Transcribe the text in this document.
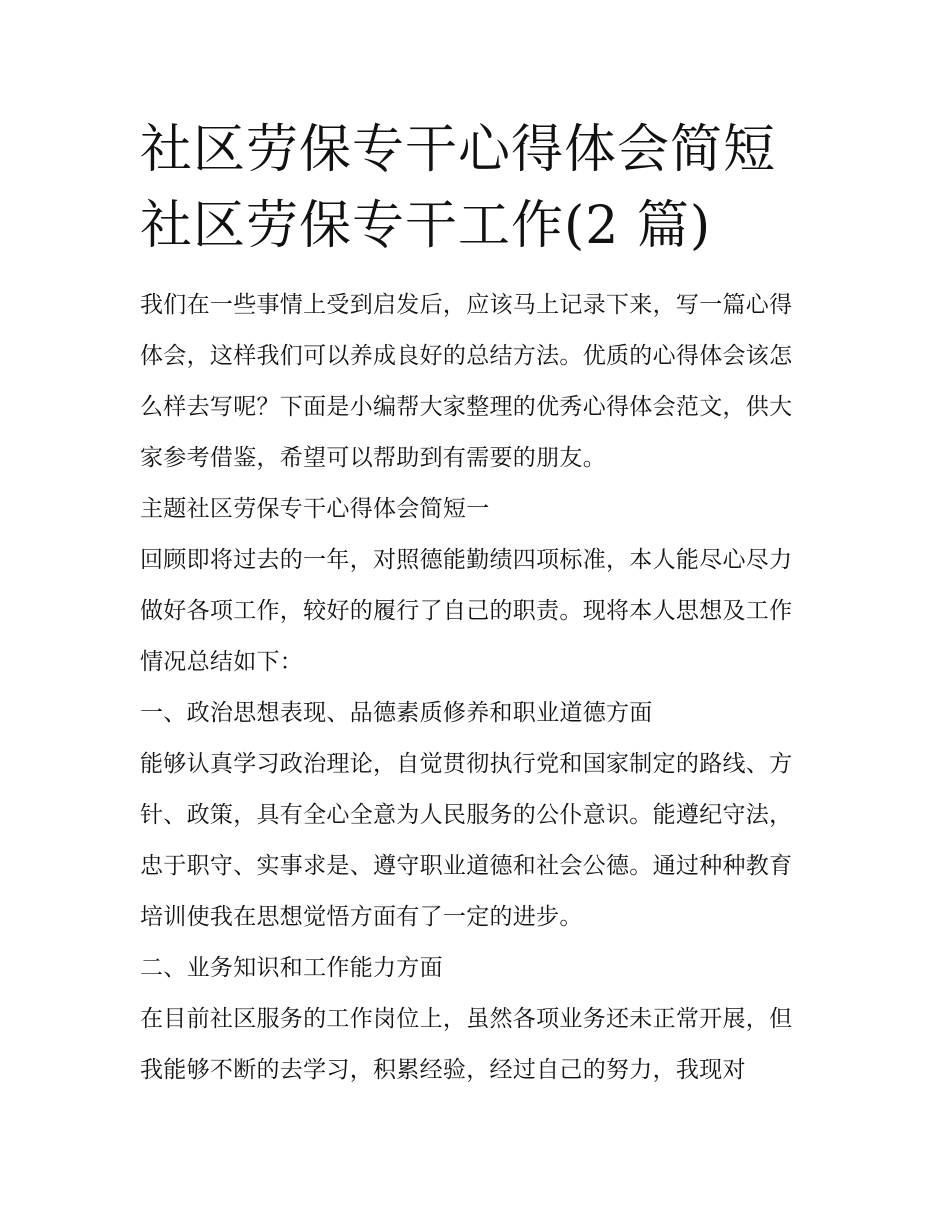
社区劳保专干心得体会简短 社区劳保专干工作(2 篇)

我们在一些事情上受到启发后，应该马上记录下来，写一篇心得体会，这样我们可以养成良好的总结方法。优质的心得体会该怎么样去写呢？下面是小编帮大家整理的优秀心得体会范文，供大家参考借鉴，希望可以帮助到有需要的朋友。

主题社区劳保专干心得体会简短一

回顾即将过去的一年，对照德能勤绩四项标准，本人能尽心尽力做好各项工作，较好的履行了自己的职责。现将本人思想及工作情况总结如下：

一、政治思想表现、品德素质修养和职业道德方面

能够认真学习政治理论，自觉贯彻执行党和国家制定的路线、方针、政策，具有全心全意为人民服务的公仆意识。能遵纪守法，忠于职守、实事求是、遵守职业道德和社会公德。通过种种教育培训使我在思想觉悟方面有了一定的进步。

二、业务知识和工作能力方面

在目前社区服务的工作岗位上，虽然各项业务还未正常开展，但我能够不断的去学习，积累经验，经过自己的努力，我现对
